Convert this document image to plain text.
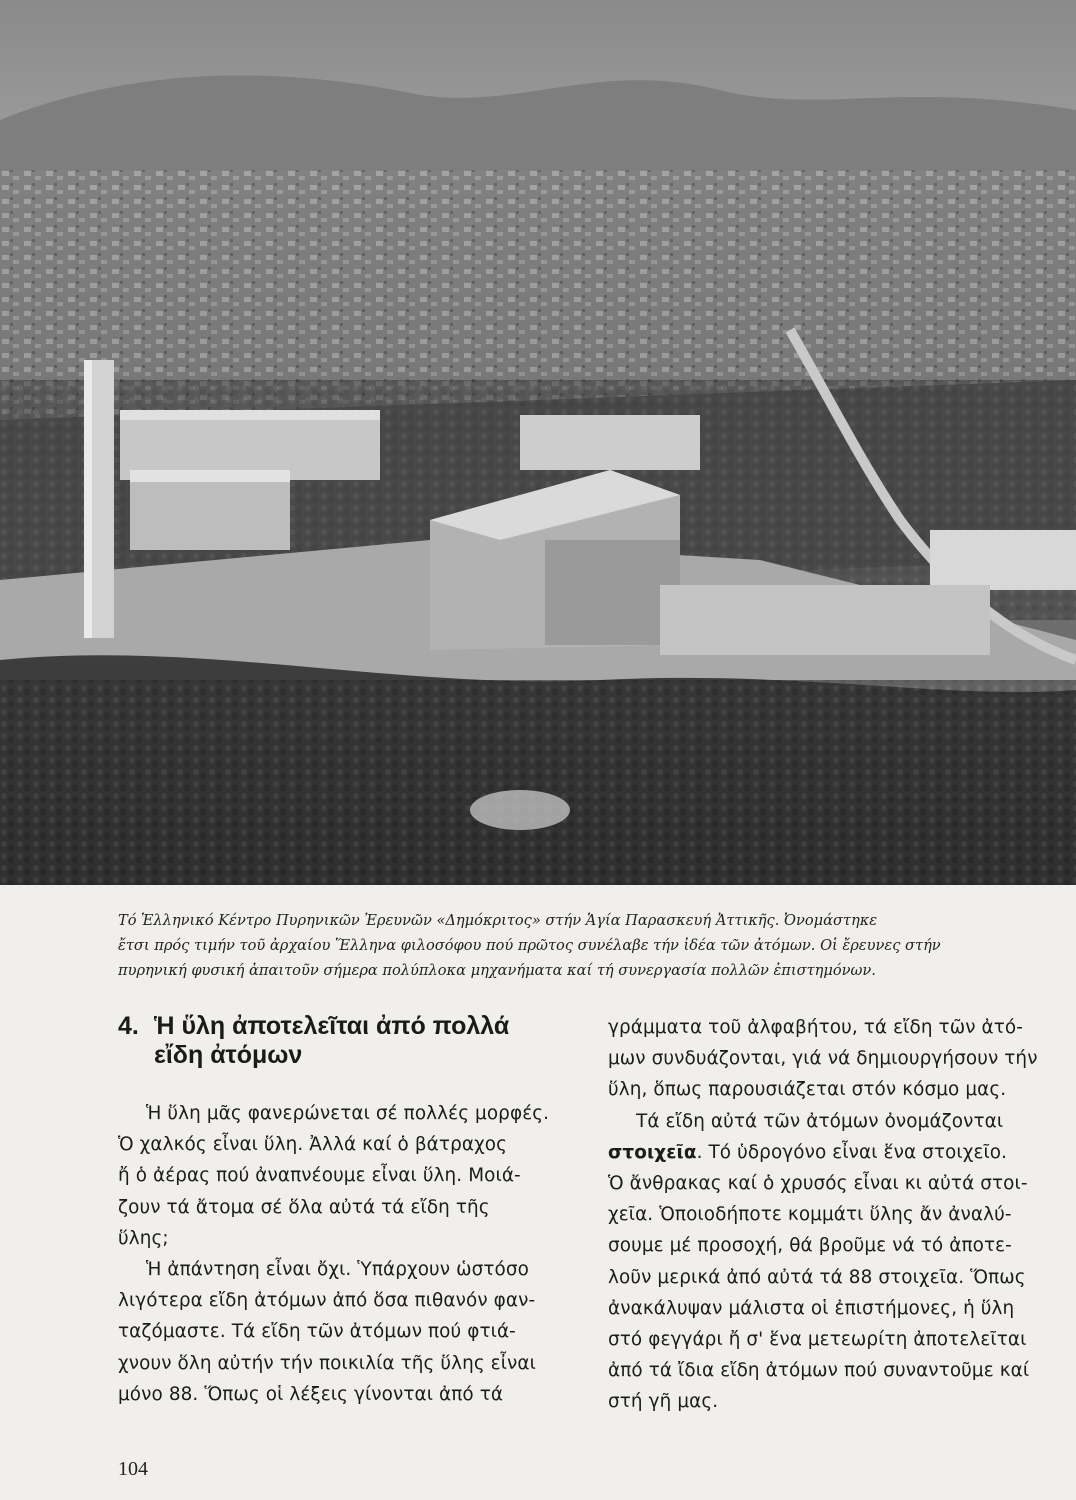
Τό Ἑλληνικό Κέντρο Πυρηνικῶν Ἐρευνῶν «Δημόκριτος» στήν Ἁγία Παρασκευή Ἀττικῆς. Ὀνομάστηκε
ἔτσι πρός τιμήν τοῦ ἀρχαίου Ἕλληνα φιλοσόφου πού πρῶτος συνέλαβε τήν ἰδέα τῶν ἀτόμων. Οἱ ἔρευνες στήν
πυρηνική φυσική ἀπαιτοῦν σήμερα πολύπλοκα μηχανήματα καί τή συνεργασία πολλῶν ἐπιστημόνων.
4. Ἡ ὕλη ἀποτελεῖται ἀπό πολλά
εἴδη ἀτόμων
Ἡ ὕλη μᾶς φανερώνεται σέ πολλές μορφές.
Ὁ χαλκός εἶναι ὕλη. Ἀλλά καί ὁ βάτραχος
ἤ ὁ ἀέρας πού ἀναπνέουμε εἶναι ὕλη. Μοιά-
ζουν τά ἄτομα σέ ὅλα αὐτά τά εἴδη τῆς
ὕλης;
Ἡ ἀπάντηση εἶναι ὄχι. Ὑπάρχουν ὡστόσο
λιγότερα εἴδη ἀτόμων ἀπό ὅσα πιθανόν φαν-
ταζόμαστε. Τά εἴδη τῶν ἀτόμων πού φτιά-
χνουν ὅλη αὐτήν τήν ποικιλία τῆς ὕλης εἶναι
μόνο 88. Ὅπως οἱ λέξεις γίνονται ἀπό τά
γράμματα τοῦ ἀλφαβήτου, τά εἴδη τῶν ἀτό-
μων συνδυάζονται, γιά νά δημιουργήσουν τήν
ὕλη, ὅπως παρουσιάζεται στόν κόσμο μας.
Τά εἴδη αὐτά τῶν ἀτόμων ὀνομάζονται
στοιχεῖα. Τό ὑδρογόνο εἶναι ἕνα στοιχεῖο.
Ὁ ἄνθρακας καί ὁ χρυσός εἶναι κι αὐτά στοι-
χεῖα. Ὁποιοδήποτε κομμάτι ὕλης ἄν ἀναλύ-
σουμε μέ προσοχή, θά βροῦμε νά τό ἀποτε-
λοῦν μερικά ἀπό αὐτά τά 88 στοιχεῖα. Ὅπως
ἀνακάλυψαν μάλιστα οἱ ἐπιστήμονες, ἡ ὕλη
στό φεγγάρι ἤ σ' ἕνα μετεωρίτη ἀποτελεῖται
ἀπό τά ἴδια εἴδη ἀτόμων πού συναντοῦμε καί
στή γῆ μας.
104
